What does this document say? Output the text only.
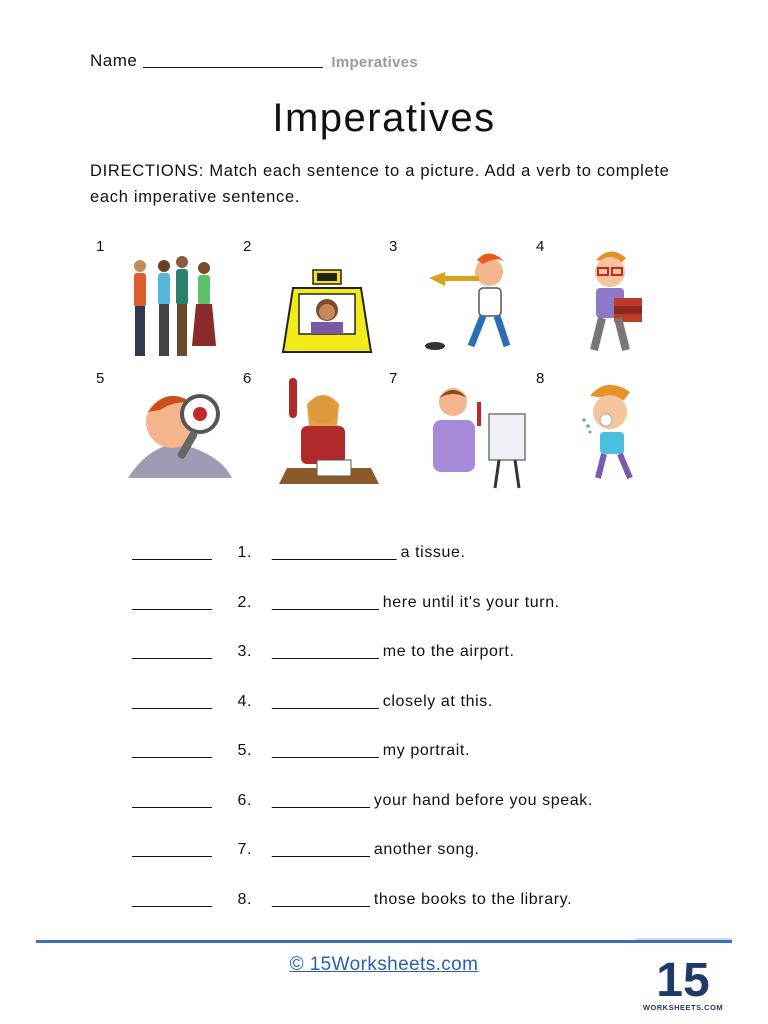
Name	Imperatives
Imperatives

DIRECTIONS: Match each sentence to a picture. Add a verb to complete each imperative sentence.

1	2	3	4
5	6	7	8
1.	______________ a tissue.
2.	____________ here until it's your turn.
3.	____________ me to the airport.
4.	____________ closely at this.
5.	____________ my portrait.
6.	___________ your hand before you speak.
7.	___________ another song.
8.	___________ those books to the library.
© 15Worksheets.com	15
WORKSHEETS.COM
